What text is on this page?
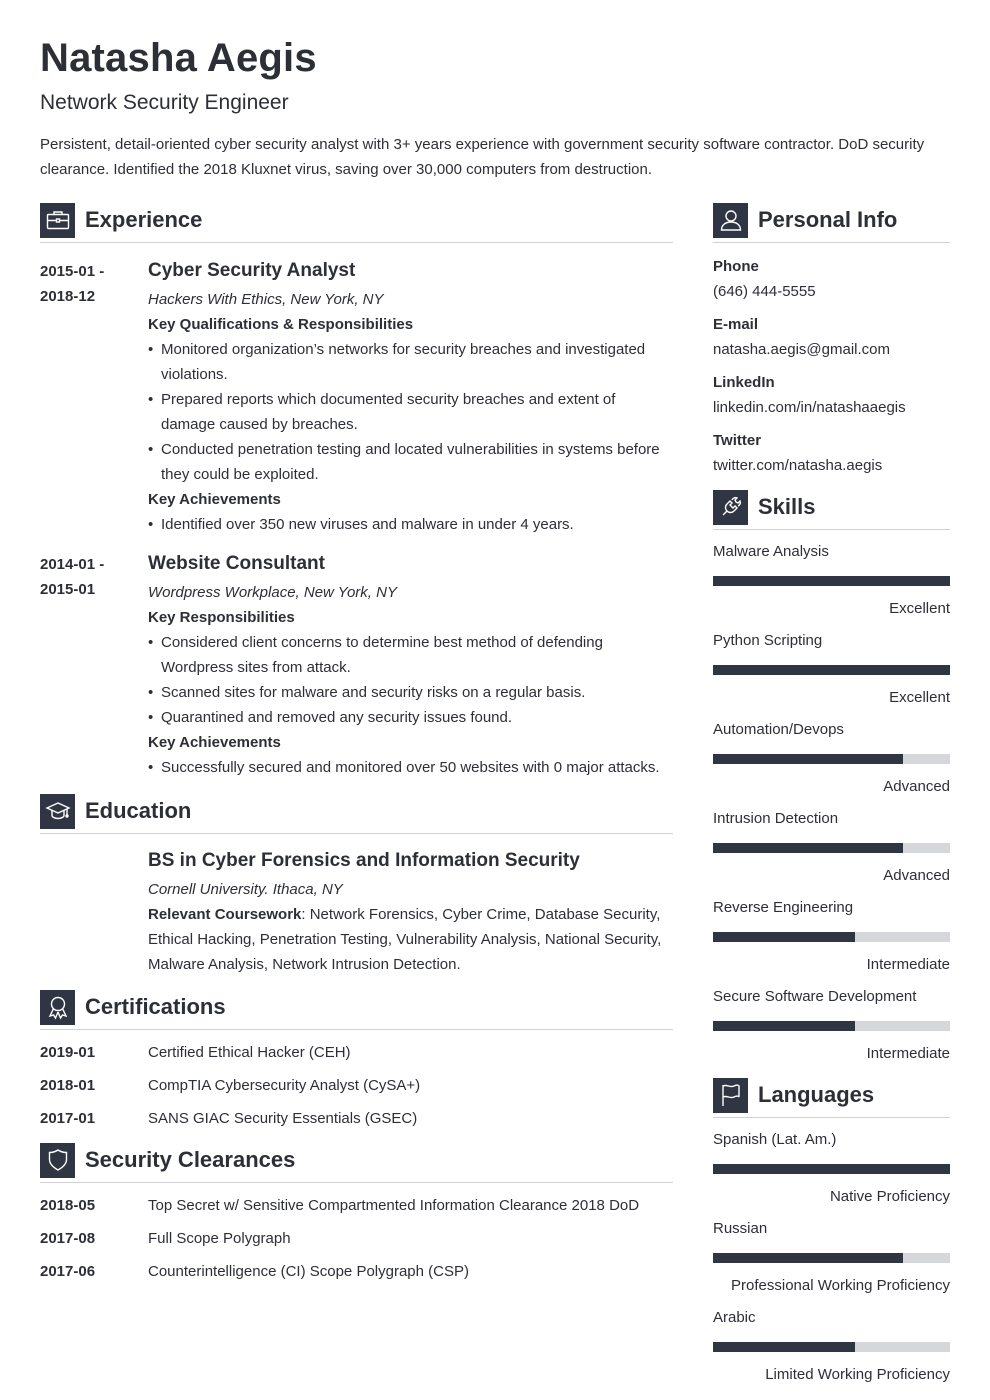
Natasha Aegis
Network Security Engineer
Persistent, detail-oriented cyber security analyst with 3+ years experience with government security software contractor. DoD security clearance. Identified the 2018 Kluxnet virus, saving over 30,000 computers from destruction.
Experience
2015-01 -
2018-12
Cyber Security Analyst
Hackers With Ethics, New York, NY
Key Qualifications & Responsibilities
• Monitored organization’s networks for security breaches and investigated violations.
• Prepared reports which documented security breaches and extent of damage caused by breaches.
• Conducted penetration testing and located vulnerabilities in systems before they could be exploited.
Key Achievements
• Identified over 350 new viruses and malware in under 4 years.
2014-01 -
2015-01
Website Consultant
Wordpress Workplace, New York, NY
Key Responsibilities
• Considered client concerns to determine best method of defending Wordpress sites from attack.
• Scanned sites for malware and security risks on a regular basis.
• Quarantined and removed any security issues found.
Key Achievements
• Successfully secured and monitored over 50 websites with 0 major attacks.
Education
BS in Cyber Forensics and Information Security
Cornell University. Ithaca, NY
Relevant Coursework: Network Forensics, Cyber Crime, Database Security, Ethical Hacking, Penetration Testing, Vulnerability Analysis, National Security, Malware Analysis, Network Intrusion Detection.
Certifications
2019-01	Certified Ethical Hacker (CEH)
2018-01	CompTIA Cybersecurity Analyst (CySA+)
2017-01	SANS GIAC Security Essentials (GSEC)
Security Clearances
2018-05	Top Secret w/ Sensitive Compartmented Information Clearance 2018 DoD
2017-08	Full Scope Polygraph
2017-06	Counterintelligence (CI) Scope Polygraph (CSP)
Personal Info
Phone
(646) 444-5555
E-mail
natasha.aegis@gmail.com
LinkedIn
linkedin.com/in/natashaaegis
Twitter
twitter.com/natasha.aegis
Skills
Malware Analysis
Excellent
Python Scripting
Excellent
Automation/Devops
Advanced
Intrusion Detection
Advanced
Reverse Engineering
Intermediate
Secure Software Development
Intermediate
Languages
Spanish (Lat. Am.)
Native Proficiency
Russian
Professional Working Proficiency
Arabic
Limited Working Proficiency
